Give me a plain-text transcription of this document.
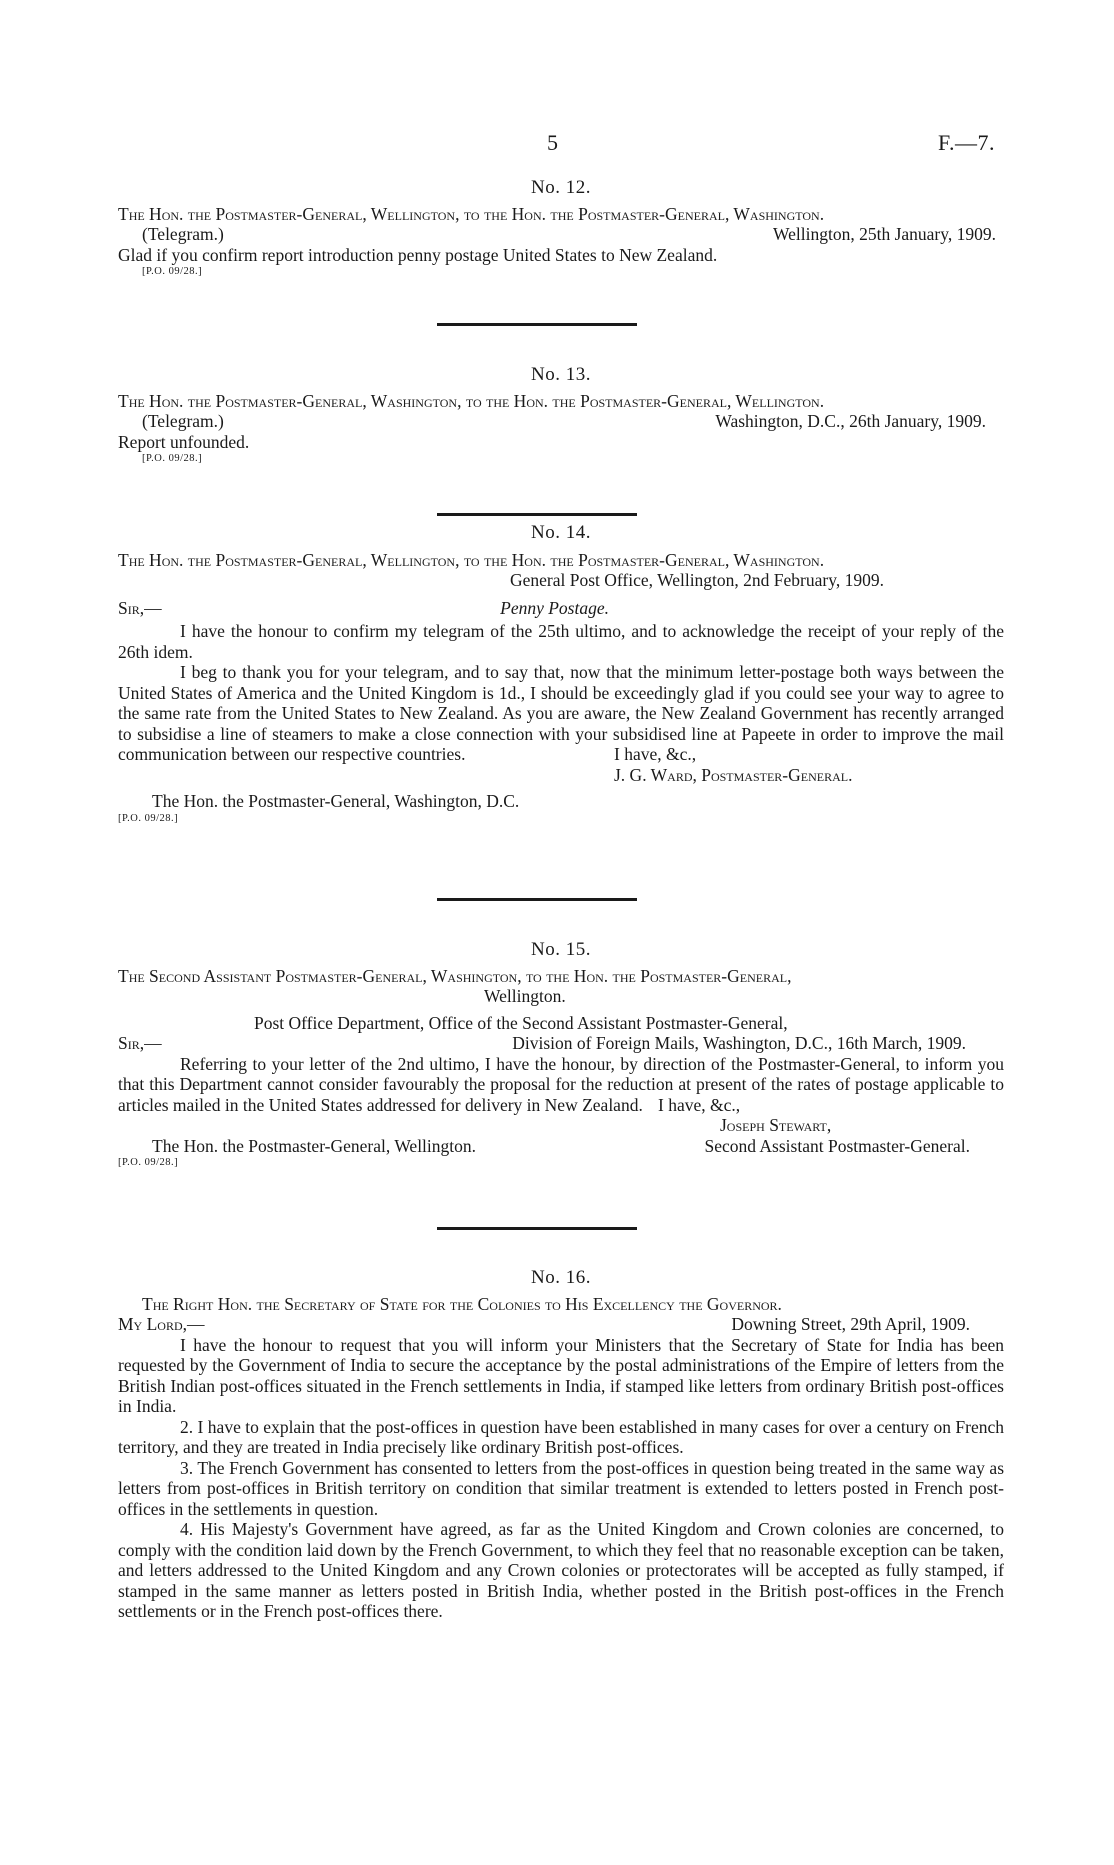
5	F.—7.
No. 12.

The Hon. the Postmaster-General, Wellington, to the Hon. the Postmaster-General, Washington.

(Telegram.)	Wellington, 25th January, 1909.

Glad if you confirm report introduction penny postage United States to New Zealand.

[P.O. 09/28.]

No. 13.

The Hon. the Postmaster-General, Washington, to the Hon. the Postmaster-General, Wellington.

(Telegram.)	Washington, D.C., 26th January, 1909.

Report unfounded.

[P.O. 09/28.]

No. 14.

The Hon. the Postmaster-General, Wellington, to the Hon. the Postmaster-General, Washington.

General Post Office, Wellington, 2nd February, 1909.

Sir,—	Penny Postage.

I have the honour to confirm my telegram of the 25th ultimo, and to acknowledge the receipt of your reply of the 26th idem.

I beg to thank you for your telegram, and to say that, now that the minimum letter-postage both ways between the United States of America and the United Kingdom is 1d., I should be exceedingly glad if you could see your way to agree to the same rate from the United States to New Zealand. As you are aware, the New Zealand Government has recently arranged to subsidise a line of steamers to make a close connection with your subsidised line at Papeete in order to improve the mail communication between our respective countries.	I have, &c.,

J. G. Ward, Postmaster-General.

The Hon. the Postmaster-General, Washington, D.C.

[P.O. 09/28.]

No. 15.

The Second Assistant Postmaster-General, Washington, to the Hon. the Postmaster-General,

Wellington.

Post Office Department, Office of the Second Assistant Postmaster-General,

Sir,—	Division of Foreign Mails, Washington, D.C., 16th March, 1909.

Referring to your letter of the 2nd ultimo, I have the honour, by direction of the Postmaster-General, to inform you that this Department cannot consider favourably the proposal for the reduction at present of the rates of postage applicable to articles mailed in the United States addressed for delivery in New Zealand. I have, &c.,

Joseph Stewart,

The Hon. the Postmaster-General, Wellington.	Second Assistant Postmaster-General.

[P.O. 09/28.]

No. 16.

The Right Hon. the Secretary of State for the Colonies to His Excellency the Governor.

My Lord,—	Downing Street, 29th April, 1909.

I have the honour to request that you will inform your Ministers that the Secretary of State for India has been requested by the Government of India to secure the acceptance by the postal administrations of the Empire of letters from the British Indian post-offices situated in the French settlements in India, if stamped like letters from ordinary British post-offices in India.

2. I have to explain that the post-offices in question have been established in many cases for over a century on French territory, and they are treated in India precisely like ordinary British post-offices.

3. The French Government has consented to letters from the post-offices in question being treated in the same way as letters from post-offices in British territory on condition that similar treatment is extended to letters posted in French post-offices in the settlements in question.

4. His Majesty's Government have agreed, as far as the United Kingdom and Crown colonies are concerned, to comply with the condition laid down by the French Government, to which they feel that no reasonable exception can be taken, and letters addressed to the United Kingdom and any Crown colonies or protectorates will be accepted as fully stamped, if stamped in the same manner as letters posted in British India, whether posted in the British post-offices in the French settlements or in the French post-offices there.
